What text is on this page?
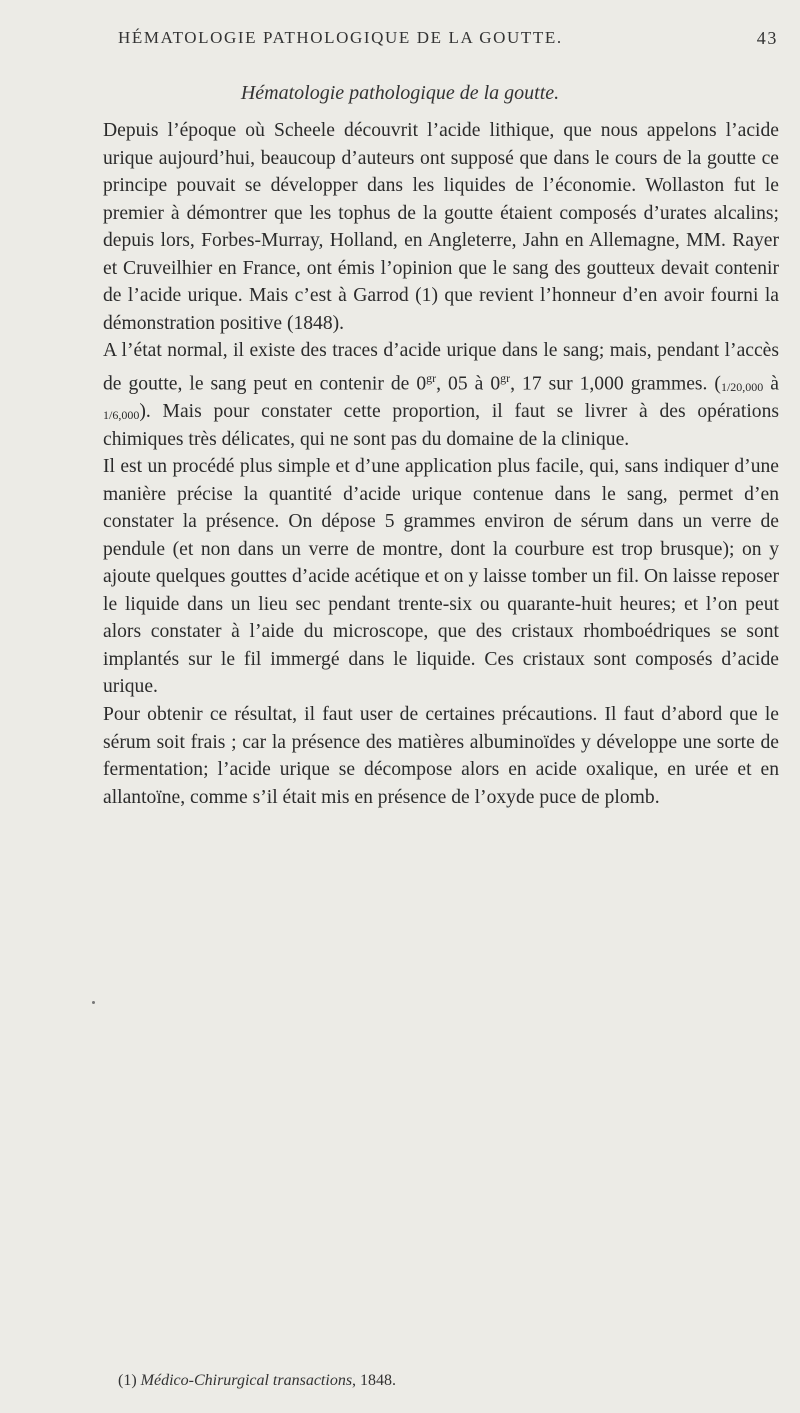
HÉMATOLOGIE PATHOLOGIQUE DE LA GOUTTE.	43
Hématologie pathologique de la goutte.

Depuis l’époque où Scheele découvrit l’acide lithique, que nous appelons l’acide urique aujourd’hui, beaucoup d’auteurs ont supposé que dans le cours de la goutte ce principe pouvait se développer dans les liquides de l’économie. Wollaston fut le premier à démontrer que les tophus de la goutte étaient composés d’urates alcalins; depuis lors, Forbes-Murray, Holland, en Angleterre, Jahn en Allemagne, MM. Rayer et Cruveilhier en France, ont émis l’opinion que le sang des goutteux devait contenir de l’acide urique. Mais c’est à Garrod (1) que revient l’honneur d’en avoir fourni la démonstration positive (1848).

A l’état normal, il existe des traces d’acide urique dans le sang; mais, pendant l’accès de goutte, le sang peut en contenir de $0^{gr}$, 05 à $0^{gr}$, 17 sur 1,000 grammes. (1/20,000 à 1/6,000). Mais pour constater cette proportion, il faut se livrer à des opérations chimiques très délicates, qui ne sont pas du domaine de la clinique.

Il est un procédé plus simple et d’une application plus facile, qui, sans indiquer d’une manière précise la quantité d’acide urique contenue dans le sang, permet d’en constater la présence. On dépose 5 grammes environ de sérum dans un verre de pendule (et non dans un verre de montre, dont la courbure est trop brusque); on y ajoute quelques gouttes d’acide acétique et on y laisse tomber un fil. On laisse reposer le liquide dans un lieu sec pendant trente-six ou quarante-huit heures; et l’on peut alors constater à l’aide du microscope, que des cristaux rhomboédriques se sont implantés sur le fil immergé dans le liquide. Ces cristaux sont composés d’acide urique.

Pour obtenir ce résultat, il faut user de certaines précautions. Il faut d’abord que le sérum soit frais ; car la présence des matières albuminoïdes y développe une sorte de fermentation; l’acide urique se décompose alors en acide oxalique, en urée et en allantoïne, comme s’il était mis en présence de l’oxyde puce de plomb.

(1) Médico-Chirurgical transactions, 1848.
